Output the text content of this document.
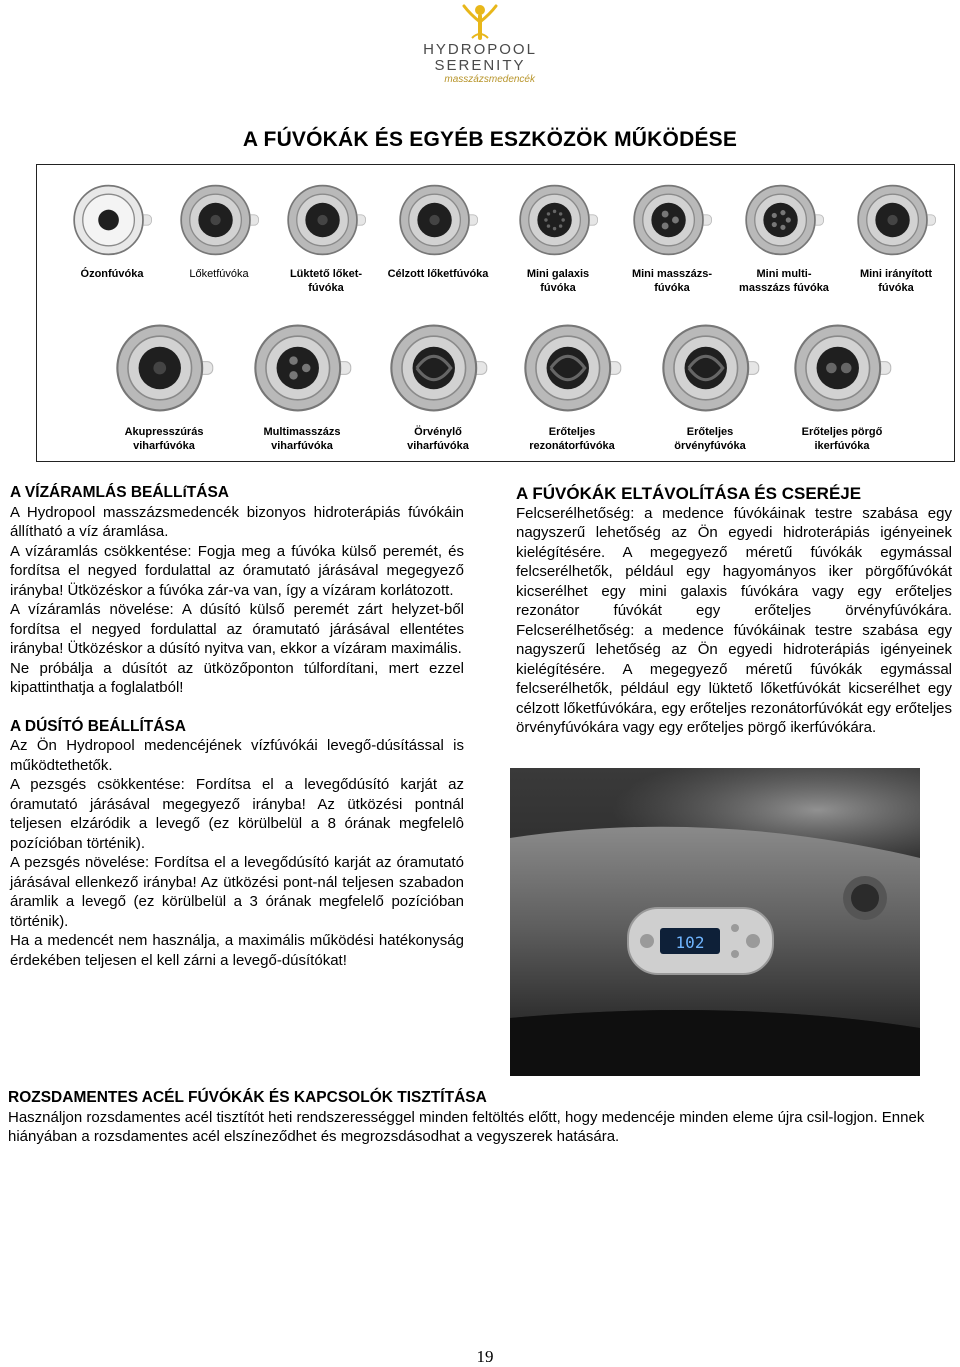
HYDROPOOL
SERENITY
masszázsmedencék
A FÚVÓKÁK ÉS EGYÉB ESZKÖZÖK MŰKÖDÉSE
Ózonfúvóka	Lőketfúvóka	Lüktető lőket-
fúvóka
Célzott lőketfúvóka	Mini galaxis
fúvóka
Mini masszázs-
fúvóka
Mini multi-
masszázs fúvóka
Mini irányított
fúvóka
Akupresszúrás
viharfúvóka
Multimasszázs
viharfúvóka
Örvénylő
viharfúvóka
Erőteljes
rezonátorfúvóka
Erőteljes
örvényfúvóka
Erőteljes pörgő
ikerfúvóka
A VÍZÁRAMLÁS BEÁLLíTÁSA

A Hydropool masszázsmedencék bizonyos hidroterápiás fúvókáin állítható a víz áramlása.

A vízáramlás csökkentése: Fogja meg a fúvóka külső peremét, és fordítsa el negyed fordulattal az óramutató járásával megegyező irányba! Ütközéskor a fúvóka zár-va van, így a vízáram korlátozott.

A vízáramlás növelése: A dúsító külső peremét zárt helyzet-ből fordítsa el negyed fordulattal az óramutató járásával ellentétes irányba! Ütközéskor a dúsító nyitva van, ekkor a vízáram maximális.

Ne próbálja a dúsítót az ütközőponton túlfordítani, mert ezzel kipattinthatja a foglalatból!

A DÚSÍTÓ BEÁLLÍTÁSA

Az Ön Hydropool medencéjének vízfúvókái levegő-dúsítással is működtethetők.

A pezsgés csökkentése: Fordítsa el a levegődúsító karját az óramutató járásával megegyező irányba! Az ütközési pontnál teljesen elzáródik a levegő (ez körülbelül a 8 órának megfelelô pozícióban történik).

A pezsgés növelése: Fordítsa el a levegődúsító karját az óramutató járásával ellenkező irányba! Az ütközési pont-nál teljesen szabadon áramlik a levegő (ez körülbelül a 3 órának megfelelő pozícióban történik).

Ha a medencét nem használja, a maximális működési hatékonyság érdekében teljesen el kell zárni a levegő-dúsítókat!

A FÚVÓKÁK ELTÁVOLÍTÁSA ÉS CSERÉJE

Felcserélhetőség: a medence fúvókáinak testre szabása egy nagyszerű lehetőség az Ön egyedi hidroterápiás igényeinek kielégítésére. A megegyező méretű fúvókák egymással felcserélhetők, például egy hagyományos iker pörgőfúvókát kicserélhet egy mini galaxis fúvókára vagy egy erőteljes rezonátor fúvókát egy erőteljes örvényfúvókára. Felcserélhetőség: a medence fúvókáinak testre szabása egy nagyszerű lehetőség az Ön egyedi hidroterápiás igényeinek kielégítésére. A megegyező méretű fúvókák egymással felcserélhetők, például egy lüktető lőketfúvókát kicserélhet egy célzott lőketfúvókára, egy erőteljes rezonátorfúvókát egy erőteljes örvényfúvókára vagy egy erőteljes pörgő ikerfúvókára.

102
ROZSDAMENTES ACÉL FÚVÓKÁK ÉS KAPCSOLÓK TISZTÍTÁSA

Használjon rozsdamentes acél tisztítót heti rendszerességgel minden feltöltés előtt, hogy medencéje minden eleme újra csil-logjon. Ennek hiányában a rozsdamentes acél elszíneződhet és megrozsdásodhat a vegyszerek hatására.

19
